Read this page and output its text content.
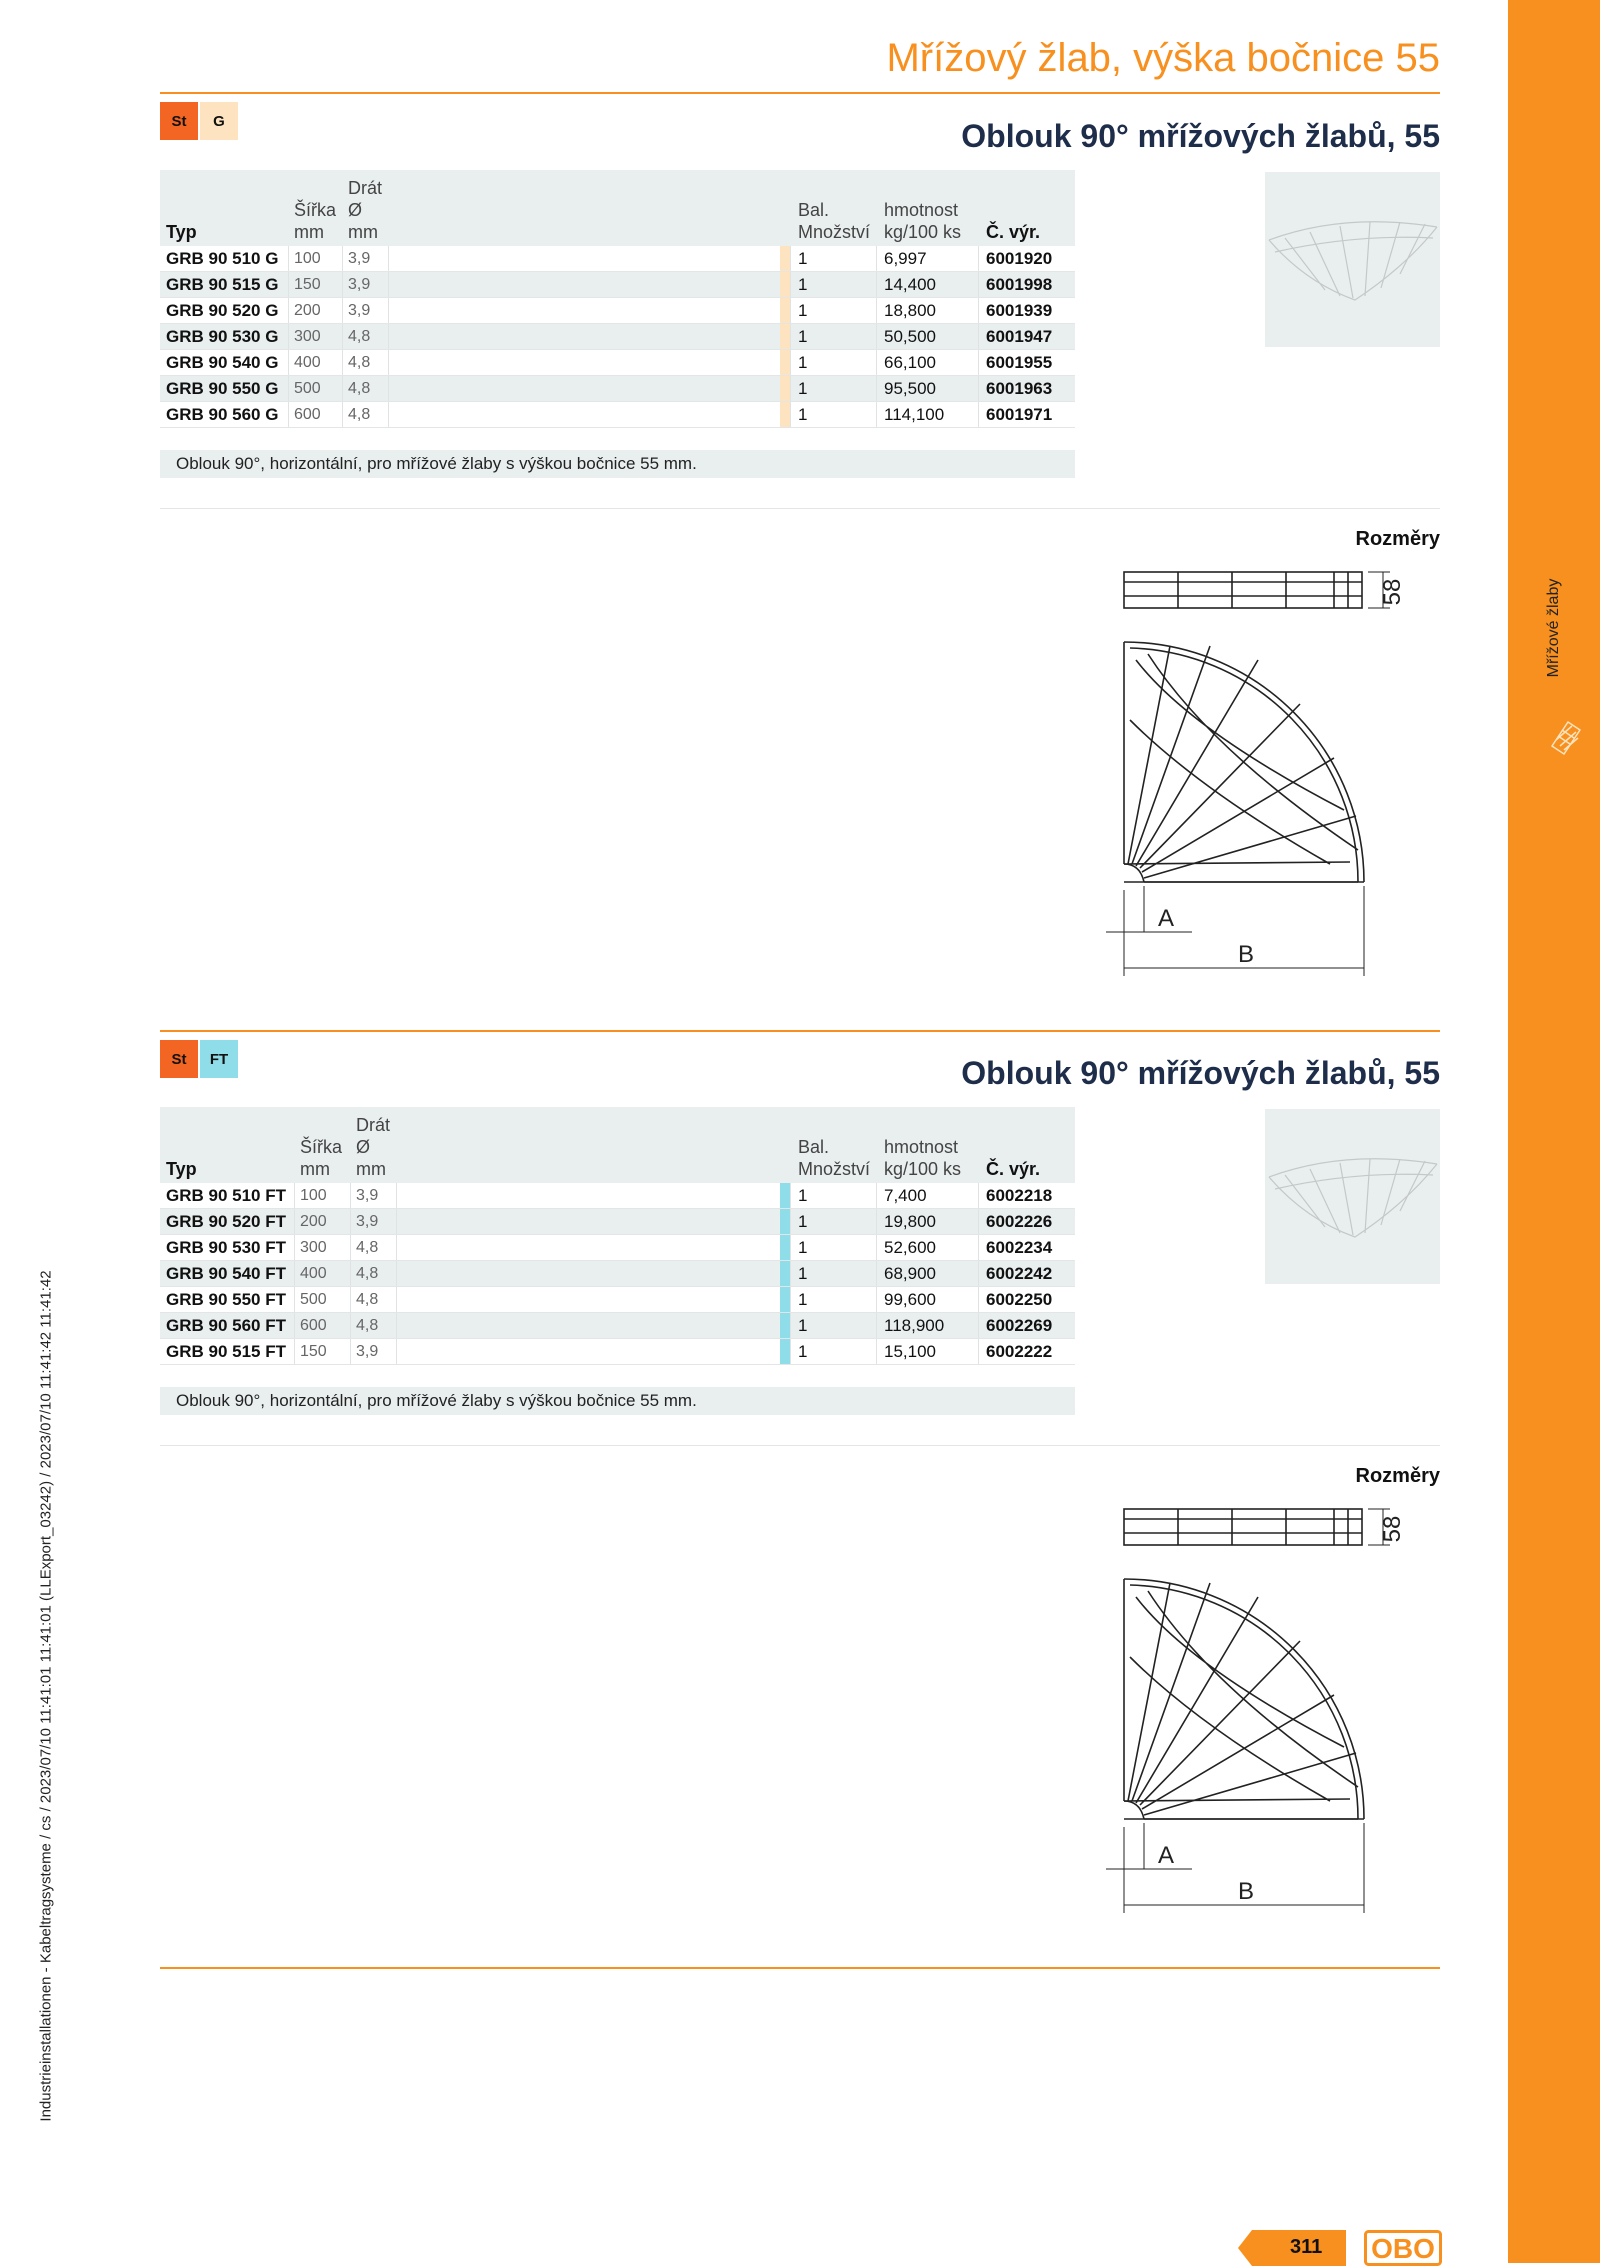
Mřížové žlaby
Mřížový žlab, výška bočnice 55
St	G	Oblouk 90° mřížových žlabů, 55
Typ
Šířka
mm
Drát
Ø
mm
Bal.
Množství
hmotnost
kg/100 ks Č. výr.
GRB 90 510 G 100 3,9	1	6,997	6001920
GRB 90 515 G 150 3,9	1	14,400	6001998
GRB 90 520 G 200 3,9	1	18,800	6001939
GRB 90 530 G 300 4,8	1	50,500	6001947
GRB 90 540 G 400 4,8	1	66,100	6001955
GRB 90 550 G 500 4,8	1	95,500	6001963
GRB 90 560 G 600 4,8	1	114,100 6001971
Oblouk 90°, horizontální, pro mřížové žlaby s výškou bočnice 55 mm.
Rozměry
58
A
B
St	FT	Oblouk 90° mřížových žlabů, 55
Typ
Šířka
mm
Drát
Ø
mm
Bal.
Množství
hmotnost
kg/100 ks Č. výr.
GRB 90 510 FT 100 3,9	1	7,400	6002218
GRB 90 520 FT 200 3,9	1	19,800	6002226
GRB 90 530 FT 300 4,8	1	52,600	6002234
GRB 90 540 FT 400 4,8	1	68,900	6002242
GRB 90 550 FT 500 4,8	1	99,600	6002250
GRB 90 560 FT 600 4,8	1	118,900 6002269
GRB 90 515 FT 150 3,9	1	15,100	6002222
Oblouk 90°, horizontální, pro mřížové žlaby s výškou bočnice 55 mm.
Rozměry
58
A
B
Industrieinstallationen - Kabeltragsysteme / cs / 2023/07/10 11:41:01 11:41:01 (LLExport_03242) / 2023/07/10 11:41:42 11:41:42
311 OBO
